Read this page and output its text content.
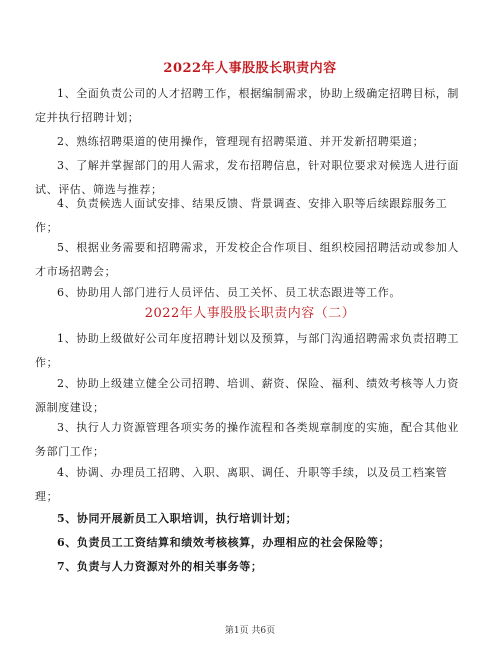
2022年人事股股长职责内容

1、全面负责公司的人才招聘工作，根据编制需求，协助上级确定招聘目标，制定并执行招聘计划；

2、熟练招聘渠道的使用操作，管理现有招聘渠道、并开发新招聘渠道；

3、了解并掌握部门的用人需求，发布招聘信息，针对职位要求对候选人进行面试、评估、筛选与推荐；

4、负责候选人面试安排、结果反馈、背景调查、安排入职等后续跟踪服务工作；

5、根据业务需要和招聘需求，开发校企合作项目、组织校园招聘活动或参加人才市场招聘会；

6、协助用人部门进行人员评估、员工关怀、员工状态跟进等工作。

2022年人事股股长职责内容（二）

1、协助上级做好公司年度招聘计划以及预算，与部门沟通招聘需求负责招聘工作；

2、协助上级建立健全公司招聘、培训、薪资、保险、福利、绩效考核等人力资源制度建设；

3、执行人力资源管理各项实务的操作流程和各类规章制度的实施，配合其他业务部门工作；

4、协调、办理员工招聘、入职、离职、调任、升职等手续，以及员工档案管理；

5、协同开展新员工入职培训，执行培训计划；

6、负责员工工资结算和绩效考核核算，办理相应的社会保险等；

7、负责与人力资源对外的相关事务等；

第1页 共6页
